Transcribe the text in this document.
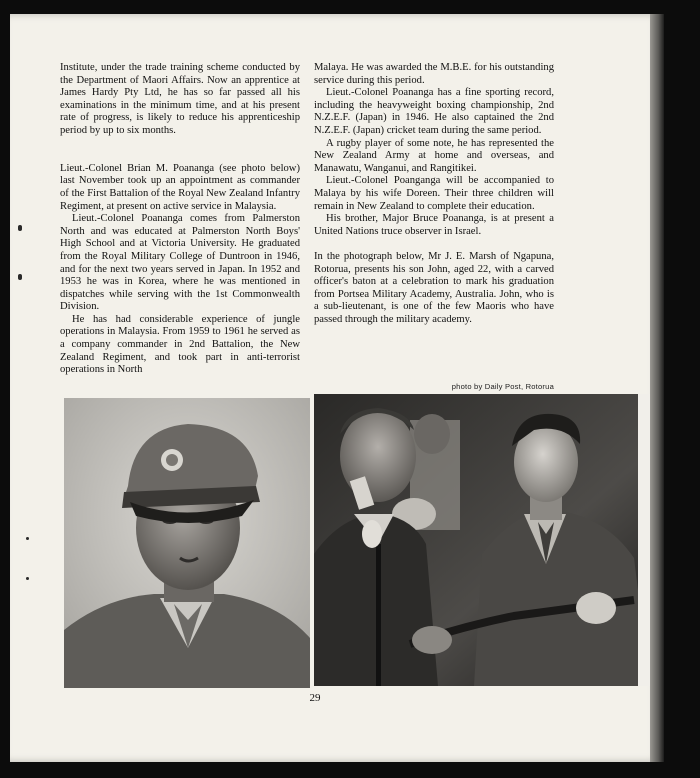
Institute, under the trade training scheme conducted by the Department of Maori Affairs. Now an apprentice at James Hardy Pty Ltd, he has so far passed all his examinations in the minimum time, and at his present rate of progress, is likely to reduce his apprenticeship period by up to six months.

Lieut.-Colonel Brian M. Poananga (see photo below) last November took up an appointment as commander of the First Battalion of the Royal New Zealand Infantry Regiment, at present on active service in Malaysia.

Lieut.-Colonel Poananga comes from Palmerston North and was educated at Palmerston North Boys' High School and at Victoria University. He graduated from the Royal Military College of Duntroon in 1946, and for the next two years served in Japan. In 1952 and 1953 he was in Korea, where he was mentioned in dispatches while serving with the 1st Commonwealth Division.

He has had considerable experience of jungle operations in Malaysia. From 1959 to 1961 he served as a company commander in 2nd Battalion, the New Zealand Regiment, and took part in anti-terrorist operations in North

Malaya. He was awarded the M.B.E. for his outstanding service during this period.

Lieut.-Colonel Poananga has a fine sporting record, including the heavyweight boxing championship, 2nd N.Z.E.F. (Japan) in 1946. He also captained the 2nd N.Z.E.F. (Japan) cricket team during the same period.

A rugby player of some note, he has represented the New Zealand Army at home and overseas, and Manawatu, Wanganui, and Rangitikei.

Lieut.-Colonel Poanganga will be accompanied to Malaya by his wife Doreen. Their three children will remain in New Zealand to complete their education.

His brother, Major Bruce Poananga, is at present a United Nations truce observer in Israel.

In the photograph below, Mr J. E. Marsh of Ngapuna, Rotorua, presents his son John, aged 22, with a carved officer's baton at a celebration to mark his graduation from Portsea Military Academy, Australia. John, who is a sub-lieutenant, is one of the few Maoris who have passed through the military academy.

photo by Daily Post, Rotorua
29
